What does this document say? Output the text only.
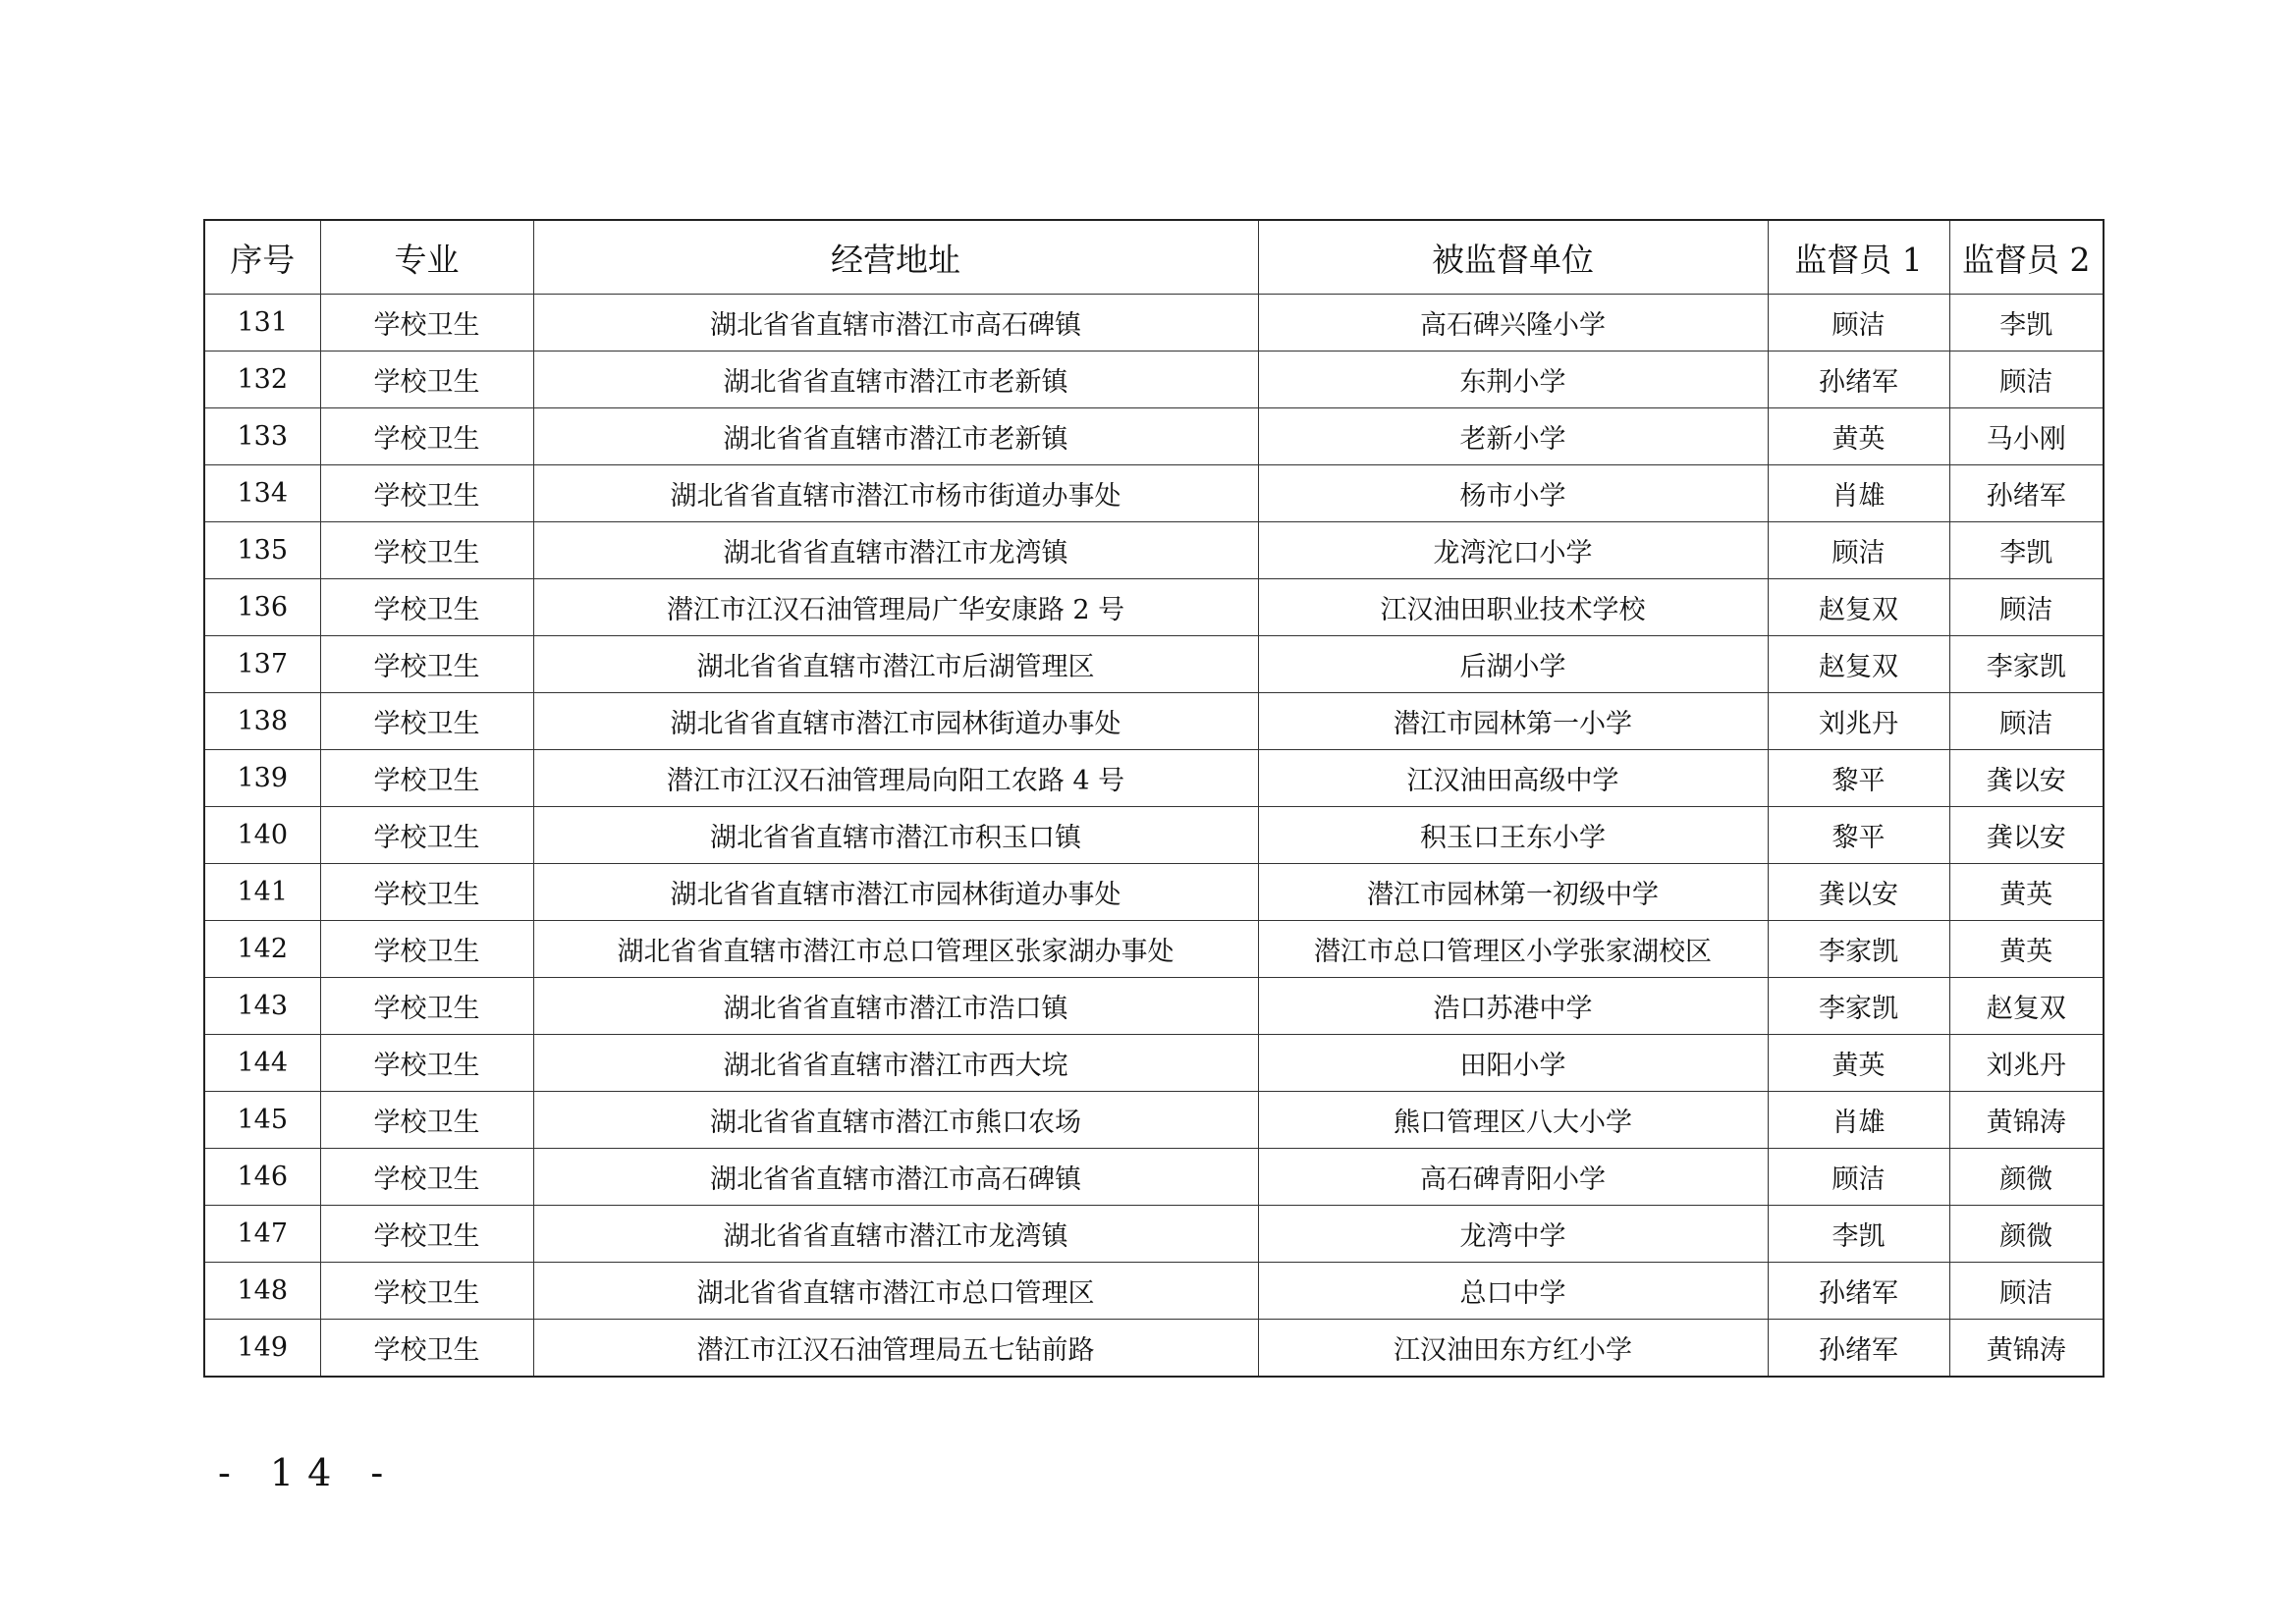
序号	专业	经营地址	被监督单位	监督员 1	监督员 2
131	学校卫生	湖北省省直辖市潜江市高石碑镇	高石碑兴隆小学	顾洁	李凯
132	学校卫生	湖北省省直辖市潜江市老新镇	东荆小学	孙绪军	顾洁
133	学校卫生	湖北省省直辖市潜江市老新镇	老新小学	黄英	马小刚
134	学校卫生	湖北省省直辖市潜江市杨市街道办事处	杨市小学	肖雄	孙绪军
135	学校卫生	湖北省省直辖市潜江市龙湾镇	龙湾沱口小学	顾洁	李凯
136	学校卫生	潜江市江汉石油管理局广华安康路 2 号	江汉油田职业技术学校	赵复双	顾洁
137	学校卫生	湖北省省直辖市潜江市后湖管理区	后湖小学	赵复双	李家凯
138	学校卫生	湖北省省直辖市潜江市园林街道办事处	潜江市园林第一小学	刘兆丹	顾洁
139	学校卫生	潜江市江汉石油管理局向阳工农路 4 号	江汉油田高级中学	黎平	龚以安
140	学校卫生	湖北省省直辖市潜江市积玉口镇	积玉口王东小学	黎平	龚以安
141	学校卫生	湖北省省直辖市潜江市园林街道办事处	潜江市园林第一初级中学	龚以安	黄英
142	学校卫生	湖北省省直辖市潜江市总口管理区张家湖办事处	潜江市总口管理区小学张家湖校区	李家凯	黄英
143	学校卫生	湖北省省直辖市潜江市浩口镇	浩口苏港中学	李家凯	赵复双
144	学校卫生	湖北省省直辖市潜江市西大垸	田阳小学	黄英	刘兆丹
145	学校卫生	湖北省省直辖市潜江市熊口农场	熊口管理区八大小学	肖雄	黄锦涛
146	学校卫生	湖北省省直辖市潜江市高石碑镇	高石碑青阳小学	顾洁	颜微
147	学校卫生	湖北省省直辖市潜江市龙湾镇	龙湾中学	李凯	颜微
148	学校卫生	湖北省省直辖市潜江市总口管理区	总口中学	孙绪军	顾洁
149	学校卫生	潜江市江汉石油管理局五七钻前路	江汉油田东方红小学	孙绪军	黄锦涛
- 14 -
